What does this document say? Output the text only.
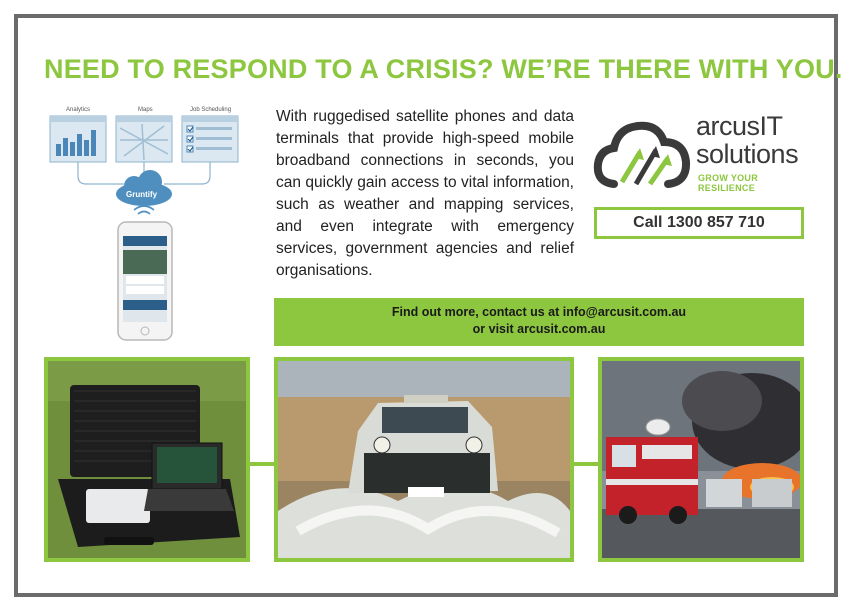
NEED TO RESPOND TO A CRISIS? WE’RE THERE WITH YOU.
Analytics	Maps	Job Scheduling
Gruntify
With ruggedised satellite phones and data terminals that provide high-speed mobile broadband connections in seconds, you can quickly gain access to vital information, such as weather and mapping services, and even integrate with emergency services, government agencies and relief organisations.
arcusIT
solutions
GROW YOUR RESILIENCE
Call 1300 857 710
Find out more, contact us at info@arcusit.com.au
or visit arcusit.com.au
